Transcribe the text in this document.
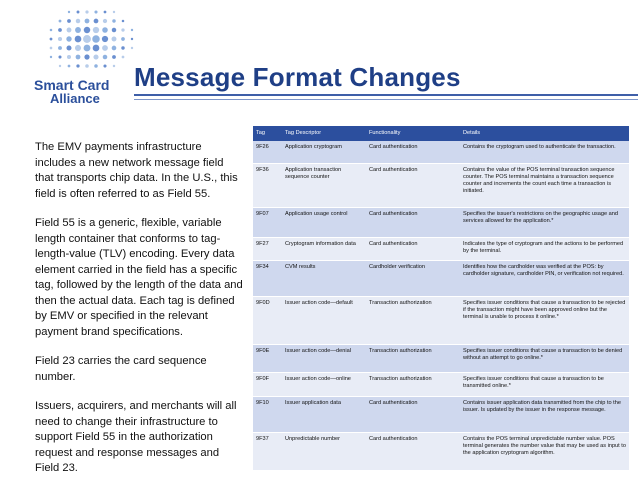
Smart Card
Alliance
Message Format Changes

The EMV payments infrastructure includes a new network message field that transports chip data. In the U.S., this field is often referred to as Field 55.

Field 55 is a generic, flexible, variable length container that conforms to tag-length-value (TLV) encoding. Every data element carried in the field has a specific tag, followed by the length of the data and then the actual data. Each tag is defined by EMV or specified in the relevant payment brand specifications.

Field 23 carries the card sequence number.

Issuers, acquirers, and merchants will all need to change their infrastructure to support Field 55 in the authorization request and response messages and Field 23.

Tag	Tag Descriptor	Functionality	Details
9F26	Application cryptogram	Card authentication	Contains the cryptogram used to authenticate the transaction.
9F36	Application transaction sequence counter	Card authentication	Contains the value of the POS terminal transaction sequence counter. The POS terminal maintains a transaction sequence counter and increments the count each time a transaction is initiated.
9F07	Application usage control	Card authentication	Specifies the issuer's restrictions on the geographic usage and services allowed for the application.*
9F27	Cryptogram information data	Card authentication	Indicates the type of cryptogram and the actions to be performed by the terminal.
9F34	CVM results	Cardholder verification	Identifies how the cardholder was verified at the POS: by cardholder signature, cardholder PIN, or verification not required.
9F0D	Issuer action code—default	Transaction authorization	Specifies issuer conditions that cause a transaction to be rejected if the transaction might have been approved online but the terminal is unable to process it online.*
9F0E	Issuer action code—denial	Transaction authorization	Specifies issuer conditions that cause a transaction to be denied without an attempt to go online.*
9F0F	Issuer action code—online	Transaction authorization	Specifies issuer conditions that cause a transaction to be transmitted online.*
9F10	Issuer application data	Card authentication	Contains issuer application data transmitted from the chip to the issuer. Is updated by the issuer in the response message.
9F37	Unpredictable number	Card authentication	Contains the POS terminal unpredictable number value. POS terminal generates the number value that may be used as input to the application cryptogram algorithm.
